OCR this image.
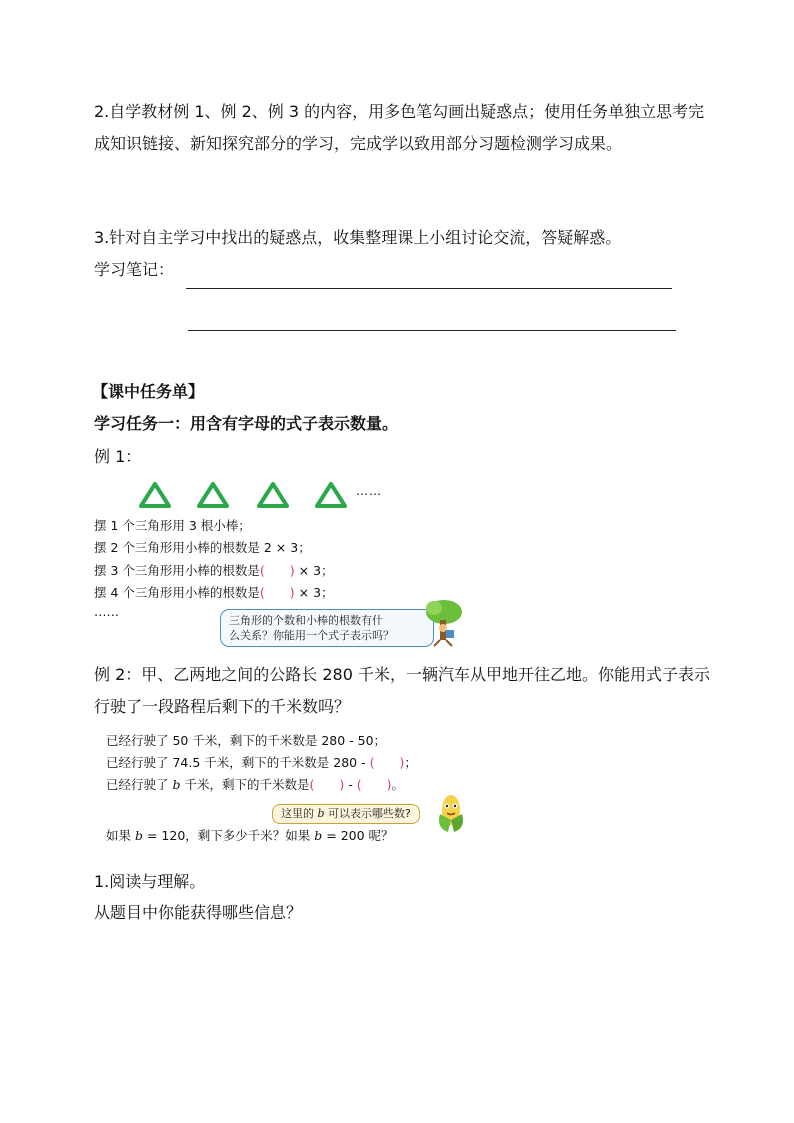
2.自学教材例 1、例 2、例 3 的内容，用多色笔勾画出疑惑点；使用任务单独立思考完
成知识链接、新知探究部分的学习，完成学以致用部分习题检测学习成果。
3.针对自主学习中找出的疑惑点，收集整理课上小组讨论交流，答疑解惑。
学习笔记：
【课中任务单】
学习任务一：用含有字母的式子表示数量。
例 1：
……
摆 1 个三角形用 3 根小棒；
摆 2 个三角形用小棒的根数是 2 × 3；
摆 3 个三角形用小棒的根数是(　　) × 3；
摆 4 个三角形用小棒的根数是(　　) × 3；
……
三角形的个数和小棒的根数有什
么关系？你能用一个式子表示吗？
例 2：甲、乙两地之间的公路长 280 千米，一辆汽车从甲地开往乙地。你能用式子表示
行驶了一段路程后剩下的千米数吗？
已经行驶了 50 千米，剩下的千米数是 280 - 50；
已经行驶了 74.5 千米，剩下的千米数是 280 - (　　)；
已经行驶了 b 千米，剩下的千米数是(　　) - (　　)。
这里的 b 可以表示哪些数?
如果 b = 120，剩下多少千米？如果 b = 200 呢？
1.阅读与理解。
从题目中你能获得哪些信息？
